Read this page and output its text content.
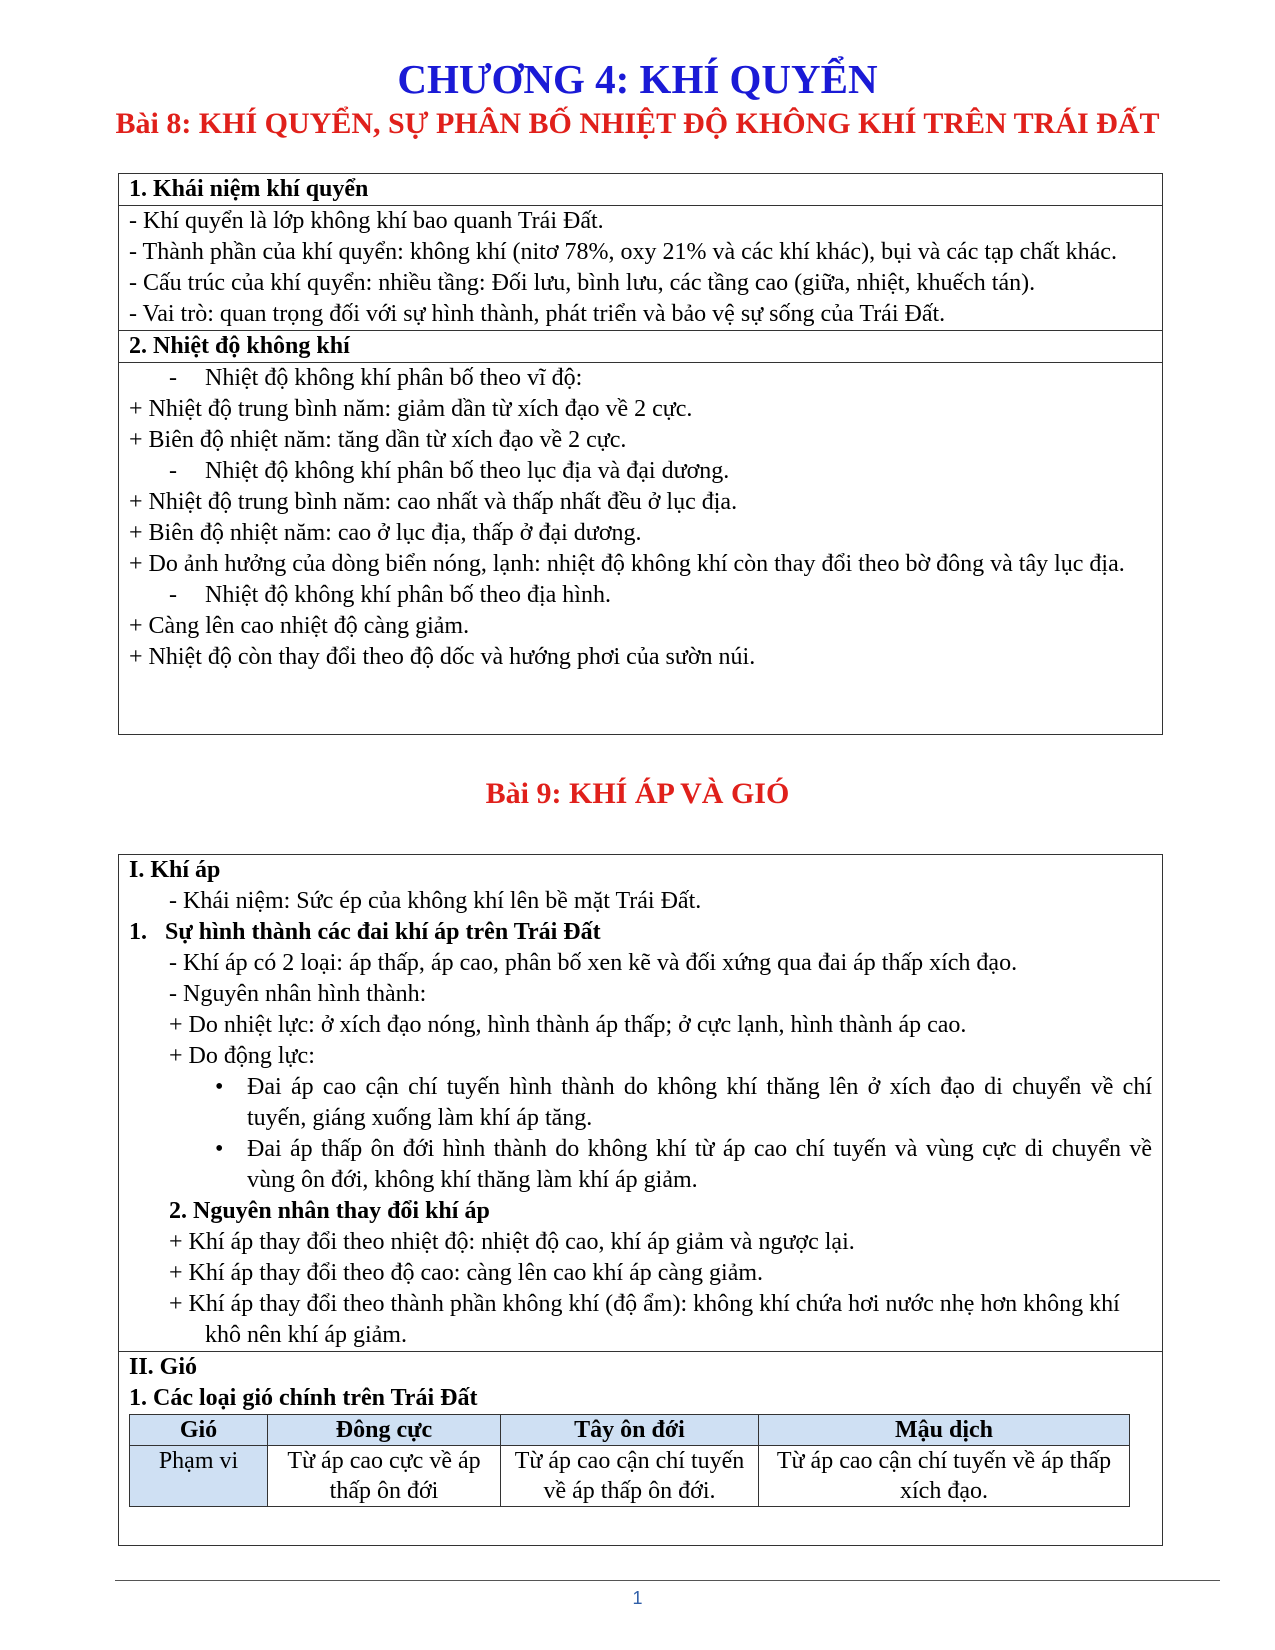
CHƯƠNG 4: KHÍ QUYỂN
Bài 8: KHÍ QUYỂN, SỰ PHÂN BỐ NHIỆT ĐỘ KHÔNG KHÍ TRÊN TRÁI ĐẤT
1. Khái niệm khí quyển
- Khí quyển là lớp không khí bao quanh Trái Đất.
- Thành phần của khí quyển: không khí (nitơ 78%, oxy 21% và các khí khác), bụi và các tạp chất khác.
- Cấu trúc của khí quyển: nhiều tầng: Đối lưu, bình lưu, các tầng cao (giữa, nhiệt, khuếch tán).
- Vai trò: quan trọng đối với sự hình thành, phát triển và bảo vệ sự sống của Trái Đất.
2. Nhiệt độ không khí
- Nhiệt độ không khí phân bố theo vĩ độ:
+ Nhiệt độ trung bình năm: giảm dần từ xích đạo về 2 cực.
+ Biên độ nhiệt năm: tăng dần từ xích đạo về 2 cực.
- Nhiệt độ không khí phân bố theo lục địa và đại dương.
+ Nhiệt độ trung bình năm: cao nhất và thấp nhất đều ở lục địa.
+ Biên độ nhiệt năm: cao ở lục địa, thấp ở đại dương.
+ Do ảnh hưởng của dòng biển nóng, lạnh: nhiệt độ không khí còn thay đổi theo bờ đông và tây lục địa.
- Nhiệt độ không khí phân bố theo địa hình.
+ Càng lên cao nhiệt độ càng giảm.
+ Nhiệt độ còn thay đổi theo độ dốc và hướng phơi của sườn núi.
Bài 9: KHÍ ÁP VÀ GIÓ
I. Khí áp
- Khái niệm: Sức ép của không khí lên bề mặt Trái Đất.
1. Sự hình thành các đai khí áp trên Trái Đất
- Khí áp có 2 loại: áp thấp, áp cao, phân bố xen kẽ và đối xứng qua đai áp thấp xích đạo.
- Nguyên nhân hình thành:
+ Do nhiệt lực: ở xích đạo nóng, hình thành áp thấp; ở cực lạnh, hình thành áp cao.
+ Do động lực:
• Đai áp cao cận chí tuyến hình thành do không khí thăng lên ở xích đạo di chuyển về chí tuyến, giáng xuống làm khí áp tăng.
• Đai áp thấp ôn đới hình thành do không khí từ áp cao chí tuyến và vùng cực di chuyển về vùng ôn đới, không khí thăng làm khí áp giảm.
2. Nguyên nhân thay đổi khí áp
+ Khí áp thay đổi theo nhiệt độ: nhiệt độ cao, khí áp giảm và ngược lại.
+ Khí áp thay đổi theo độ cao: càng lên cao khí áp càng giảm.
+ Khí áp thay đổi theo thành phần không khí (độ ẩm): không khí chứa hơi nước nhẹ hơn không khí khô nên khí áp giảm.
II. Gió
1. Các loại gió chính trên Trái Đất
Gió	Đông cực	Tây ôn đới	Mậu dịch
Phạm vi	Từ áp cao cực về áp thấp ôn đới	Từ áp cao cận chí tuyến về áp thấp ôn đới.	Từ áp cao cận chí tuyến về áp thấp xích đạo.
1
